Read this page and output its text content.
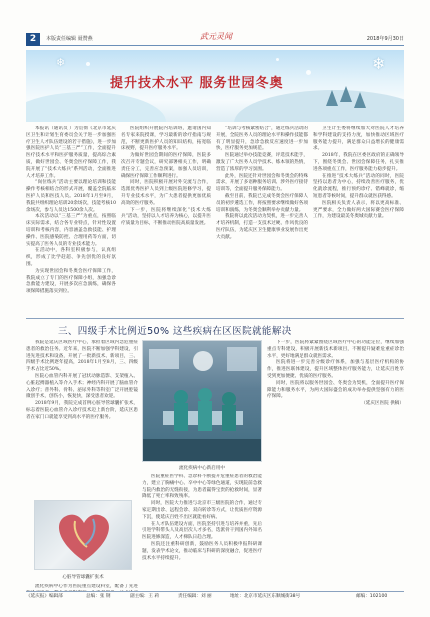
2	本版责任编辑 聂赞燕	武元灵闻	2018年9月30日
❄
❄
提升技术水平 服务世园冬奥

本报讯（通讯员 ）为贯彻《北京市延庆区卫生和计划生育委员会关于进一步加强医疗卫生人才队伍建设的若干措施》，进一步加强医院医护人员“三基三严”工作，全面提升医疗技术水平和医护服务质量，提高综合素质，做好世园会、冬奥会医疗保障工作，我院开展了“技术大练兵”系列活动，全面推进人才培养工作。

“岗位练兵”活动主要以理论培训和技能操作考核相结合的形式开展，覆盖全院临床医护人员和医技人员。2018年1月至9月，我院共组织理论培训20余场次，技能考核10余场次，参与人员达1500余人次。

本次活动以“三基三严”为重点，按照临床实际需求，结合各专业特点，针对性设置培训和考核内容，内容涵盖急救技能、护理操作、医院感染防控、合理用药等方面，切实提高了医务人员的专业技术能力。

在活动中，各科室积极参与，认真组织，形成了比学赶超、争先创优的良好氛围。

为实现世园会和冬奥会医疗保障工作，我院成立了专门的医疗保障小组，加强急诊急救能力建设，开展多次应急演练，确保各项保障措施落实到位。

医院组织开展院内培训班，邀请国内知名专家来院授课，学习最新的诊疗指南与规范，不断更新医护人员的知识结构，拓宽临床视野，提升医疗服务水平。

为做好世园会期间的医疗保障，医院多次召开专题会议，研究部署相关工作，明确责任分工，完善应急预案，加强人员培训，确保医疗保障工作顺利进行。

同时，医院积极开展对外交流与合作，选派优秀医护人员到上级医院进修学习，提升专业技术水平，为广大患者提供更加优质高效的医疗服务。

下一步，医院将继续深化“技术大练兵”活动，坚持以人才培养为核心，以提升医疗质量为目标，不断推动医院高质量发展。

“培训与考核紧密结合”，通过练兵活动的开展，全院医务人员的理论水平和操作技能都有了明显提升，急诊急救反应速度进一步加快，医疗服务更加规范。

医院通过举办技能竞赛，评选技术能手，激发了广大医务人员学技术、练本领的热情，营造了浓厚的学习氛围。

此外，医院还针对世园会和冬奥会的特殊需求，开展了多语种服务培训、涉外医疗接待培训等，全面提升服务保障能力。

截至目前，我院已完成冬奥会医疗保障人员的初步遴选工作，将按照要求继续做好各项培训和演练，为冬奥会顺利举办贡献力量。

我院将以此次活动为契机，进一步完善人才培养机制，打造一支技术过硬、作风优良的医疗队伍，为延庆区卫生健康事业发展作出更大贡献。

卫生计生委将继续加大对医院人才培养和学科建设的支持力度，加快推动区域医疗服务能力提升，满足群众日益增长的健康需求。

2018年，我院在区委区政府的正确领导下，围绕冬奥会、世园会保障任务，扎实推进各项重点工作，医疗服务能力稳步提升。

在推进“技术大练兵”活动的同时，医院坚持以患者为中心，持续改善医疗服务，优化就诊流程，推行预约诊疗、错峰就诊，缩短患者等候时间，提升群众就医获得感。

医院相关负责人表示，将以更高标准、更严要求，全力做好两大国际赛会医疗保障工作，为建设最美冬奥城贡献力量。

三、四级手术比例近50% 这些疾病在区医院就能解决

我院是延庆区域医疗中心，承担着区域内急危重症患者的救治任务。近年来，医院不断加强学科建设，引进先进技术和设备，开展了一批新技术、新项目，三、四级手术比例逐年提高，2018年1月至8月，三、四级手术占比近50%。

医院心血管内科开展了冠状动脉造影、支架植入、心脏起搏器植入等介入手术；神经内科开展了脑血管介入诊疗；普外科、骨科、泌尿外科等科室广泛开展腔镜微创手术，创伤小，恢复快，深受患者欢迎。

2018年9月，我院完成首例心脏导管球囊扩张术，标志着医院心血管介入诊疗技术迈上新台阶，延庆区患者在家门口就能享受到高水平的医疗服务。

心脏导管球囊扩张术

流化疾病中心作为医院重点建设科室，配备了先进

流化疾病中心新启用中

医院重症医学科、急诊科不断提升危重症患者的救治能力，建立了胸痛中心、卒中中心等绿色通道，实现院前急救与院内救治的无缝衔接，为患者赢得宝贵的抢救时间，显著降低了死亡率和致残率。

同时，医院大力推进与北京市三级医院的合作，通过专家定期出诊、远程会诊、双向转诊等方式，让优质医疗资源下沉，使延庆百姓不出区就能看好病。

在人才队伍建设方面，医院坚持引进与培养并重，先后引进学科带头人及高层次人才多名，选派骨干到国内外知名医院进修深造，人才梯队日趋合理。

医院还注重科研创新，鼓励医务人员积极申报科研课题，发表学术论文，推动临床与科研的深度融合，促进医疗技术水平持续提升。

下一步，医院将紧紧围绕区域医疗中心的功能定位，继续加强重点专科建设，积极开展新技术新项目，不断提升疑难危重症诊治水平，更好地满足群众就医需求。

医院将进一步完善分级诊疗体系，加强与基层医疗机构的协作，推进医联体建设，提升区域整体医疗服务能力，让延庆百姓享受到更加便捷、优质的医疗服务。

同时，医院将以服务世园会、冬奥会为契机，全面提升医疗保障能力和服务水平，为两大国际盛会的成功举办提供坚强有力的医疗保障。

（延庆区医院 供稿）

《延庆报》编辑部	总编：张 钢	副主编：王 莉	责任编辑：刘 丽	地址：北京市延庆区东顺城街38号	邮编：102100
